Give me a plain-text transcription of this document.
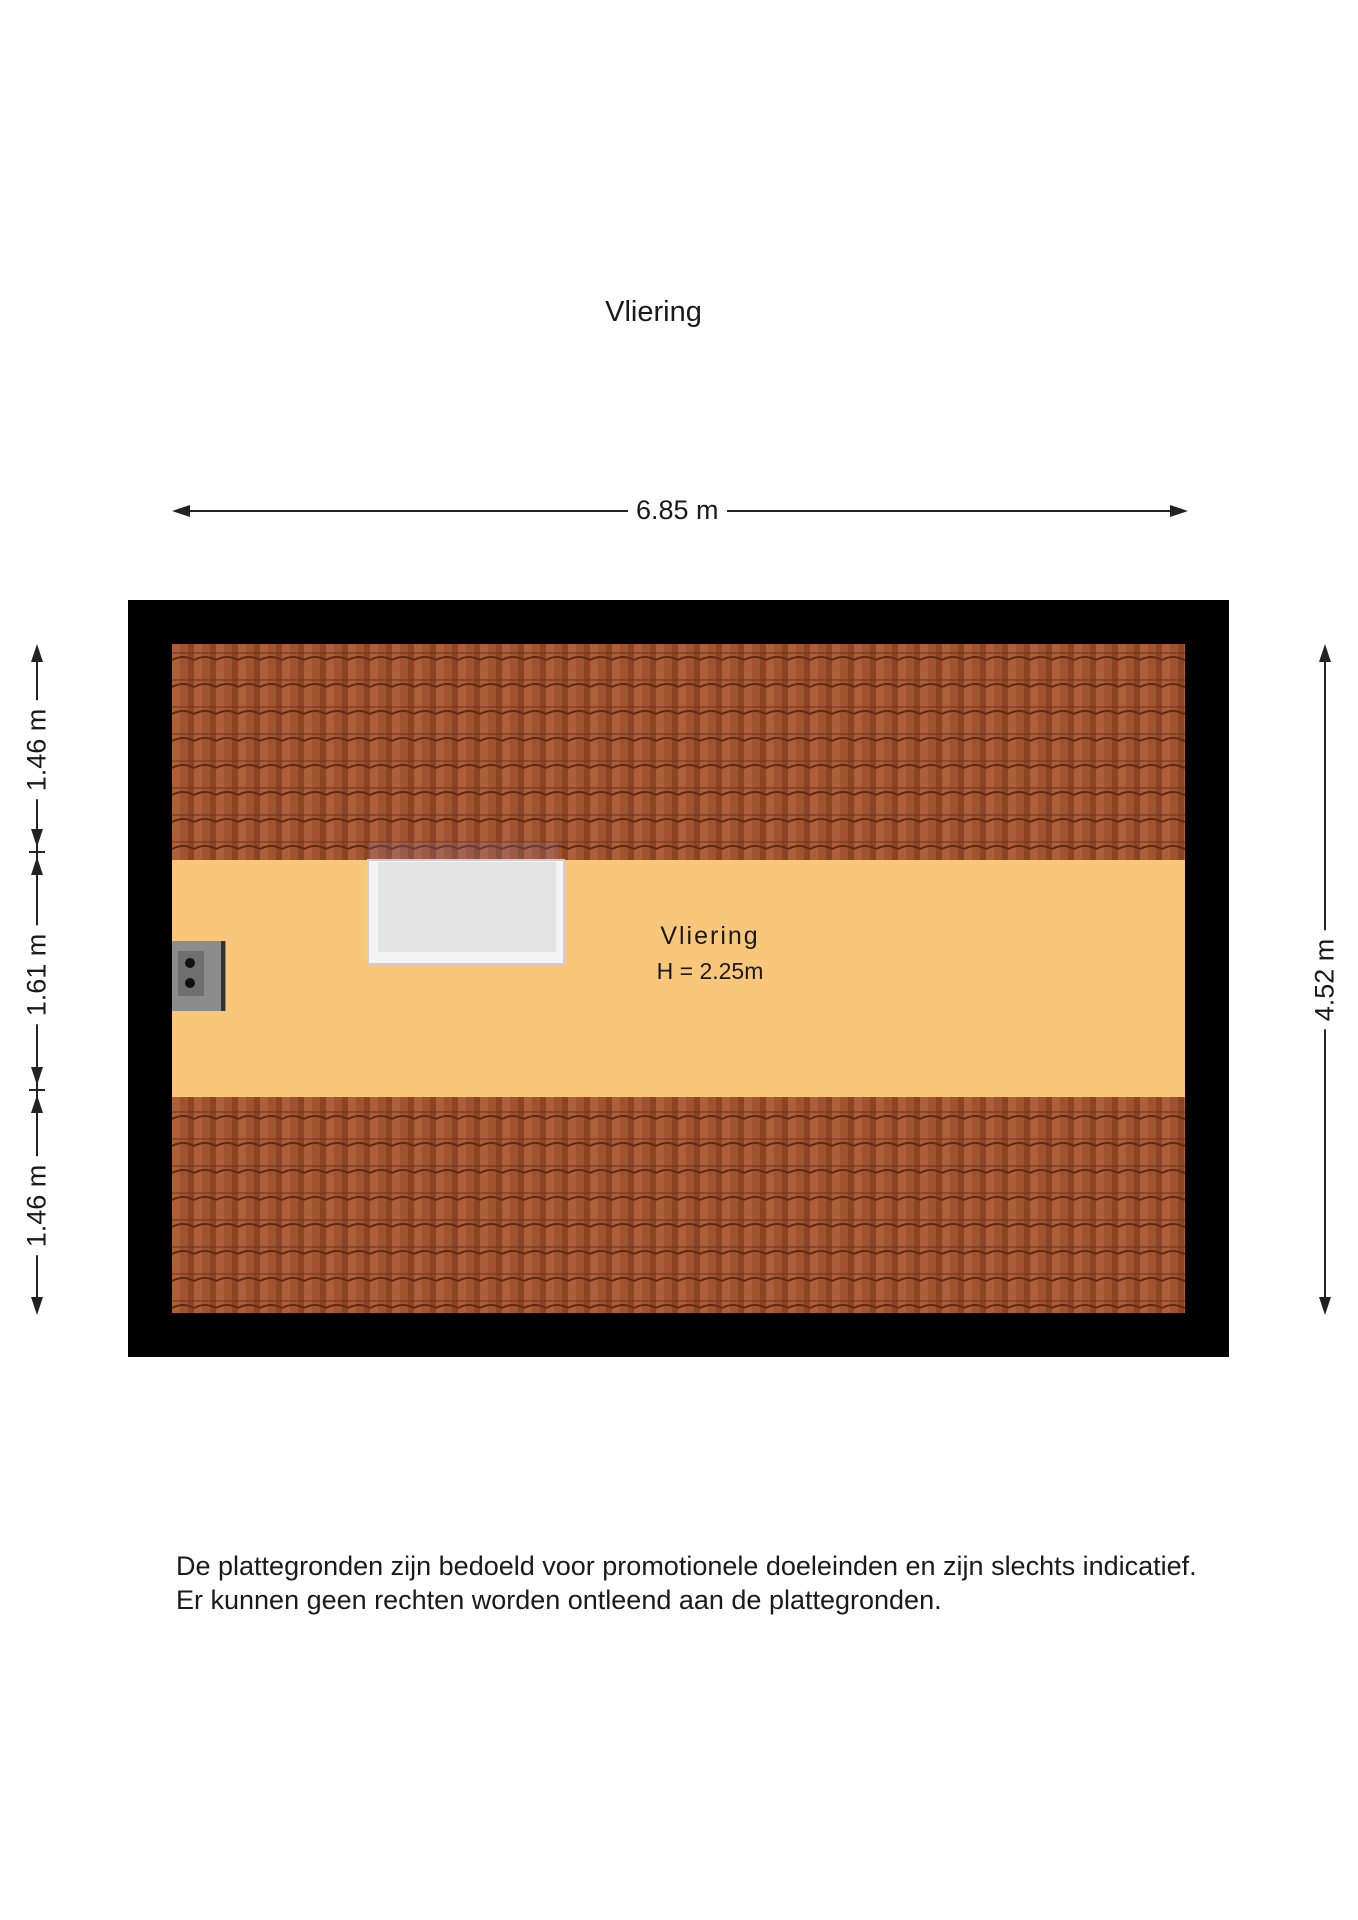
Vliering
6.85 m
1.46 m
1.61 m
1.46 m
4.52 m
Vliering
H = 2.25m
De plattegronden zijn bedoeld voor promotionele doeleinden en zijn slechts indicatief.
Er kunnen geen rechten worden ontleend aan de plattegronden.
